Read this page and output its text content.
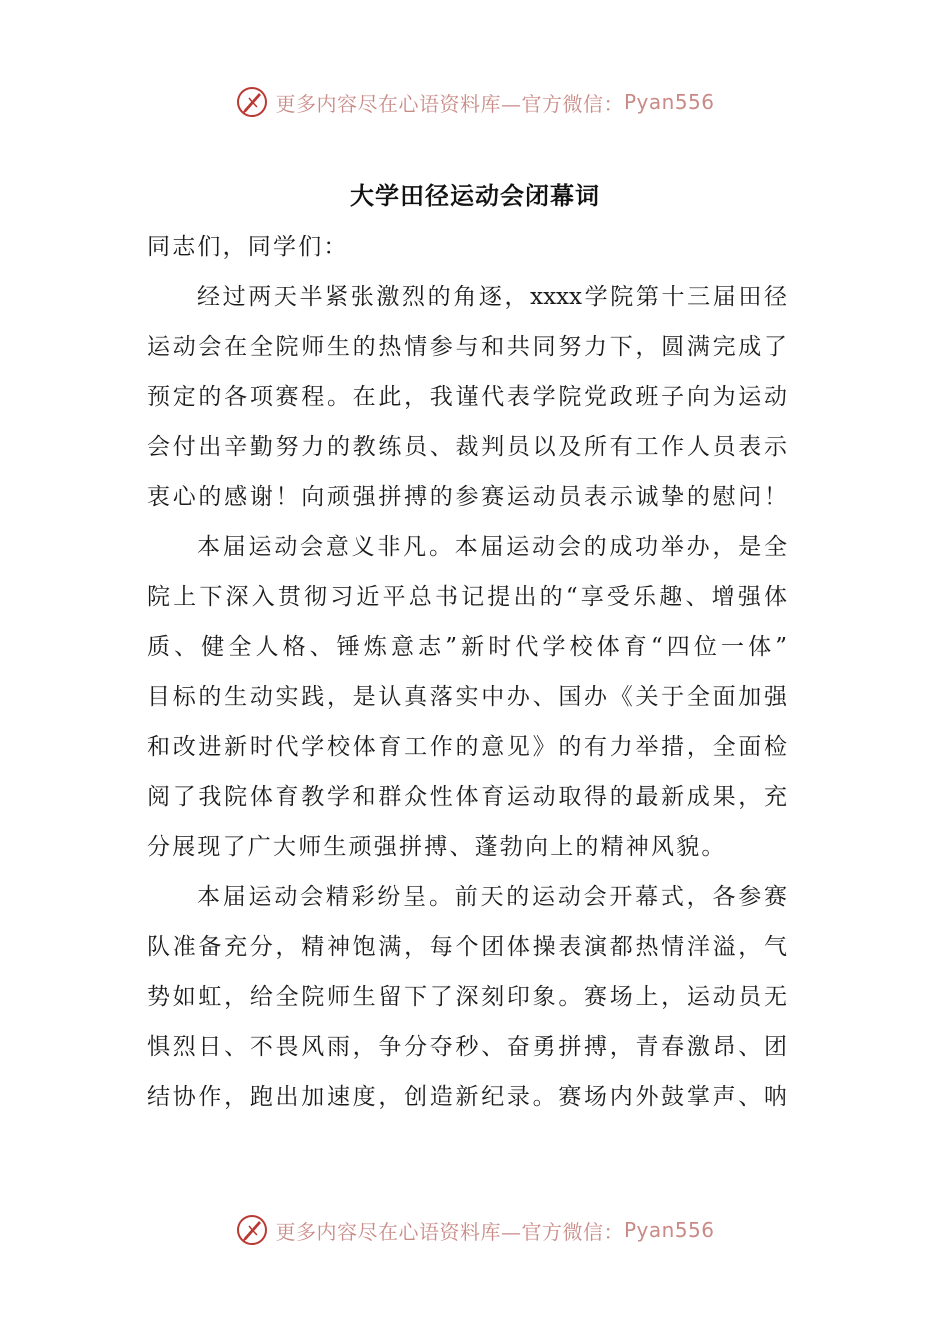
更多内容尽在心语资料库—官方微信： Pyan556
大学田径运动会闭幕词
同志们，同学们：
经过两天半紧张激烈的角逐，xxxx学院第十三届田径
运动会在全院师生的热情参与和共同努力下，圆满完成了
预定的各项赛程。在此，我谨代表学院党政班子向为运动
会付出辛勤努力的教练员、裁判员以及所有工作人员表示
衷心的感谢！向顽强拼搏的参赛运动员表示诚挚的慰问！
本届运动会意义非凡。本届运动会的成功举办，是全
院上下深入贯彻习近平总书记提出的“享受乐趣、增强体
质、健全人格、锤炼意志”新时代学校体育“四位一体”
目标的生动实践，是认真落实中办、国办《关于全面加强
和改进新时代学校体育工作的意见》的有力举措，全面检
阅了我院体育教学和群众性体育运动取得的最新成果，充
分展现了广大师生顽强拼搏、蓬勃向上的精神风貌。
本届运动会精彩纷呈。前天的运动会开幕式，各参赛
队准备充分，精神饱满，每个团体操表演都热情洋溢，气
势如虹，给全院师生留下了深刻印象。赛场上，运动员无
惧烈日、不畏风雨，争分夺秒、奋勇拼搏，青春激昂、团
结协作，跑出加速度，创造新纪录。赛场内外鼓掌声、呐
更多内容尽在心语资料库—官方微信： Pyan556
